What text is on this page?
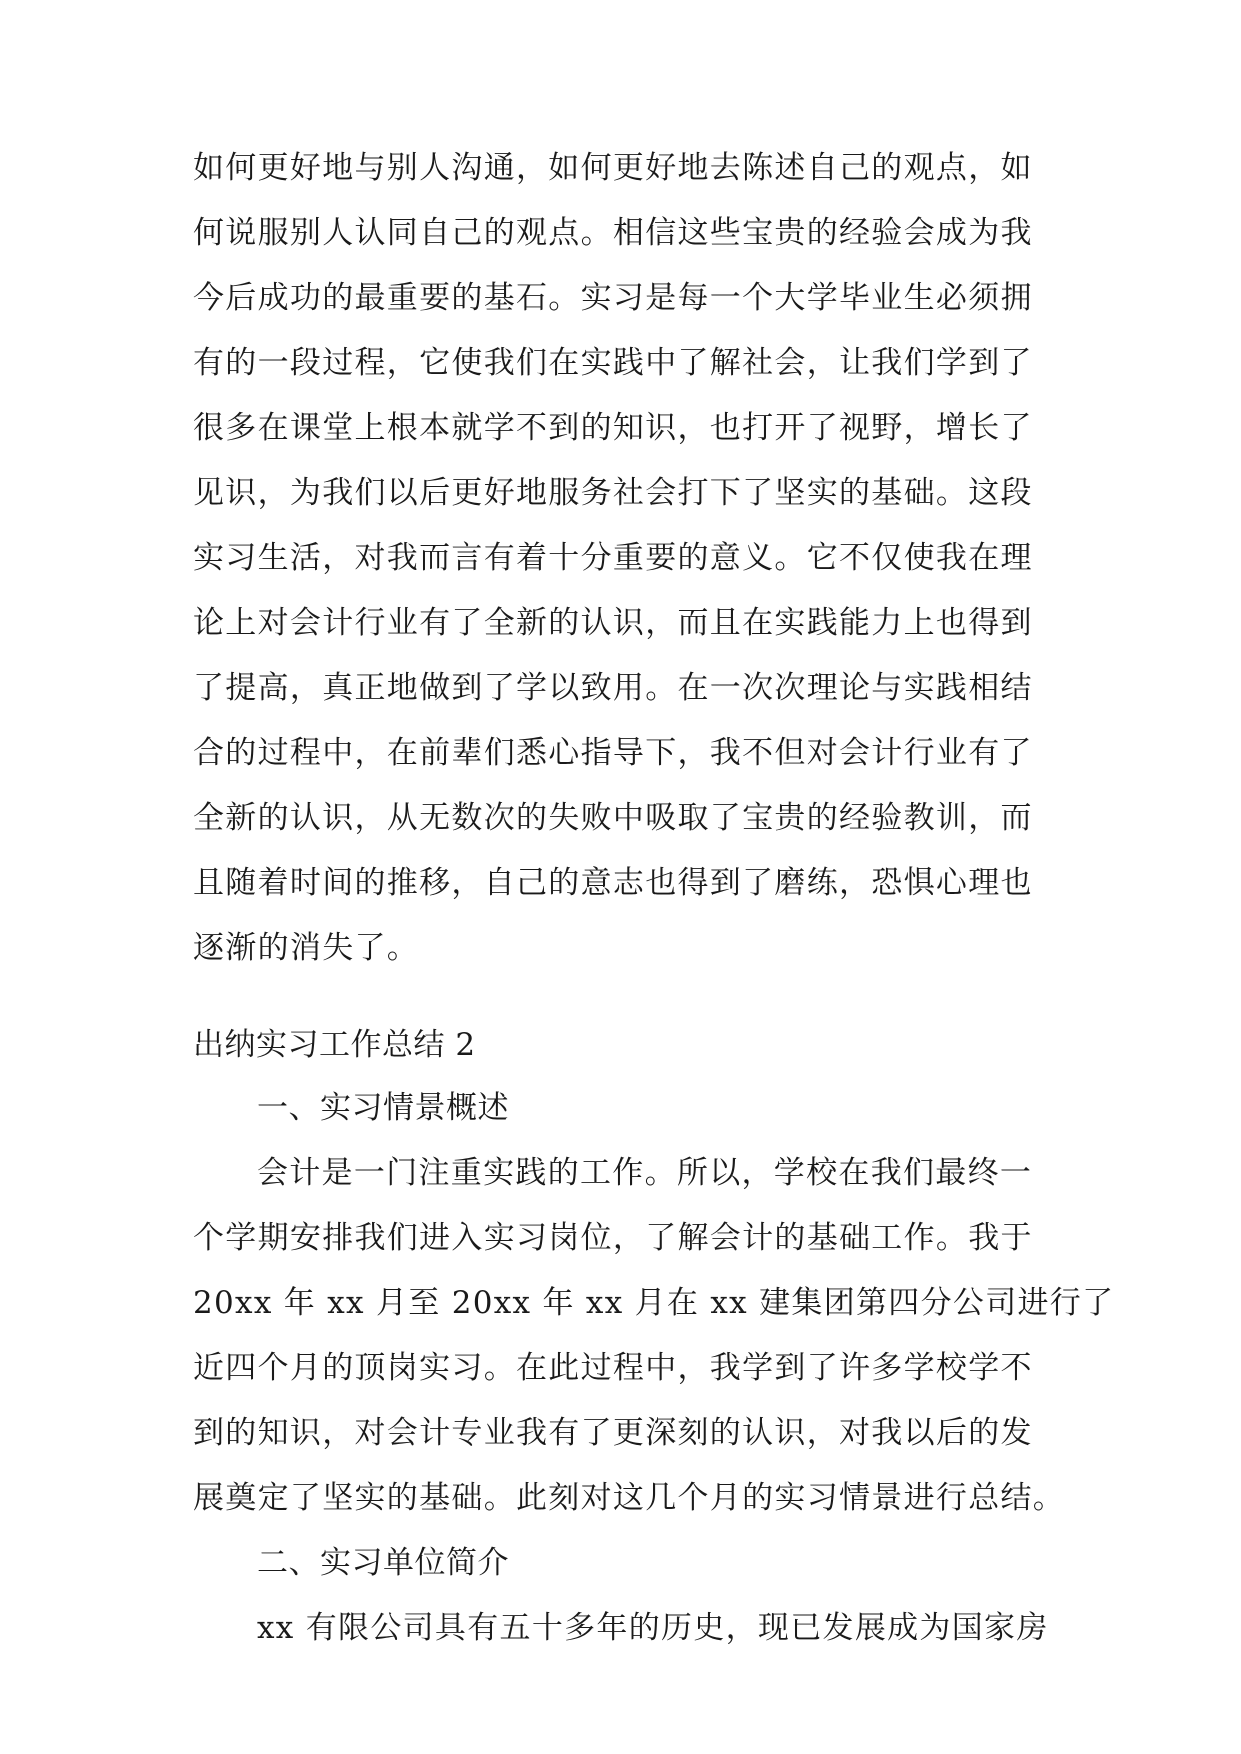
如何更好地与别人沟通，如何更好地去陈述自己的观点，如
何说服别人认同自己的观点。相信这些宝贵的经验会成为我
今后成功的最重要的基石。实习是每一个大学毕业生必须拥
有的一段过程，它使我们在实践中了解社会，让我们学到了
很多在课堂上根本就学不到的知识，也打开了视野，增长了
见识，为我们以后更好地服务社会打下了坚实的基础。这段
实习生活，对我而言有着十分重要的意义。它不仅使我在理
论上对会计行业有了全新的认识，而且在实践能力上也得到
了提高，真正地做到了学以致用。在一次次理论与实践相结
合的过程中，在前辈们悉心指导下，我不但对会计行业有了
全新的认识，从无数次的失败中吸取了宝贵的经验教训，而
且随着时间的推移，自己的意志也得到了磨练，恐惧心理也
逐渐的消失了。
出纳实习工作总结 2
一、实习情景概述
会计是一门注重实践的工作。所以，学校在我们最终一
个学期安排我们进入实习岗位，了解会计的基础工作。我于
20xx 年 xx 月至 20xx 年 xx 月在 xx 建集团第四分公司进行了
近四个月的顶岗实习。在此过程中，我学到了许多学校学不
到的知识，对会计专业我有了更深刻的认识，对我以后的发
展奠定了坚实的基础。此刻对这几个月的实习情景进行总结。
二、实习单位简介
xx 有限公司具有五十多年的历史，现已发展成为国家房
